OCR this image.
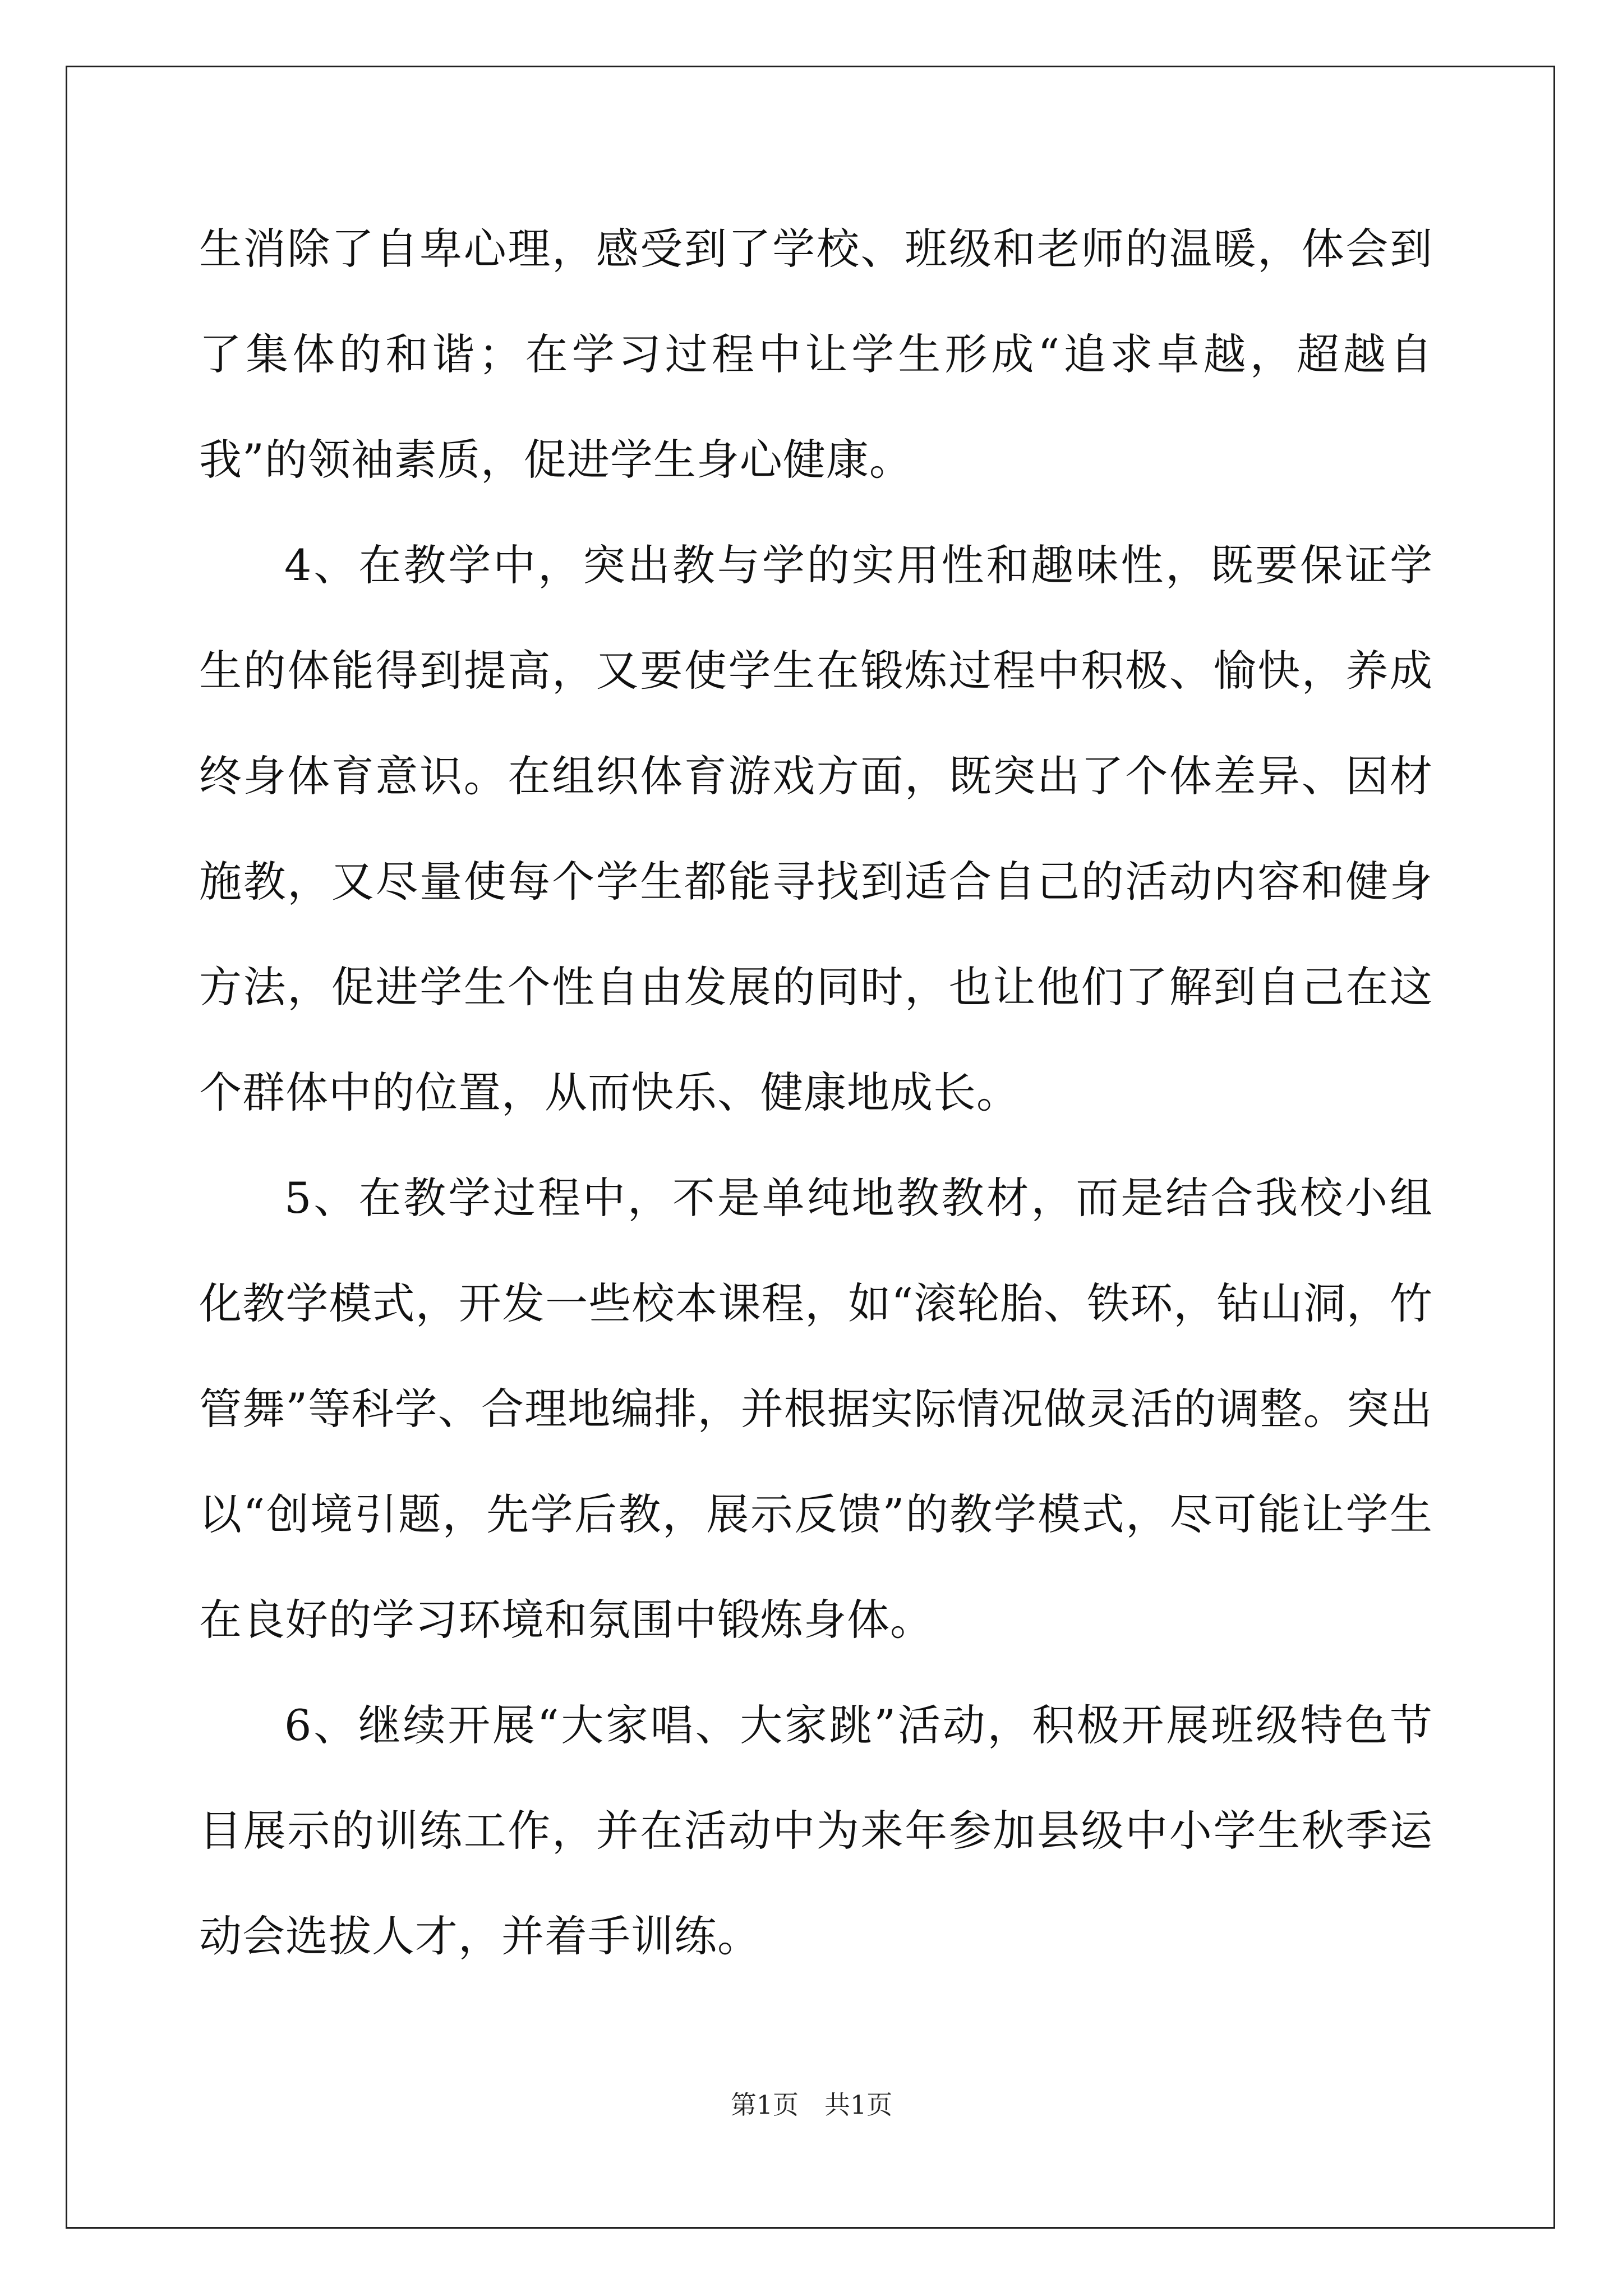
生消除了自卑心理，感受到了学校、班级和老师的温暖，体会到了集体的和谐；在学习过程中让学生形成“追求卓越，超越自我”的领袖素质，促进学生身心健康。

4、在教学中，突出教与学的实用性和趣味性，既要保证学生的体能得到提高，又要使学生在锻炼过程中积极、愉快，养成终身体育意识。在组织体育游戏方面，既突出了个体差异、因材施教，又尽量使每个学生都能寻找到适合自己的活动内容和健身方法，促进学生个性自由发展的同时，也让他们了解到自己在这个群体中的位置，从而快乐、健康地成长。

5、在教学过程中，不是单纯地教教材，而是结合我校小组化教学模式，开发一些校本课程，如“滚轮胎、铁环，钻山洞，竹管舞”等科学、合理地编排，并根据实际情况做灵活的调整。突出以“创境引题，先学后教，展示反馈”的教学模式，尽可能让学生在良好的学习环境和氛围中锻炼身体。

6、继续开展“大家唱、大家跳”活动，积极开展班级特色节目展示的训练工作，并在活动中为来年参加县级中小学生秋季运动会选拔人才，并着手训练。

第1页 共1页
